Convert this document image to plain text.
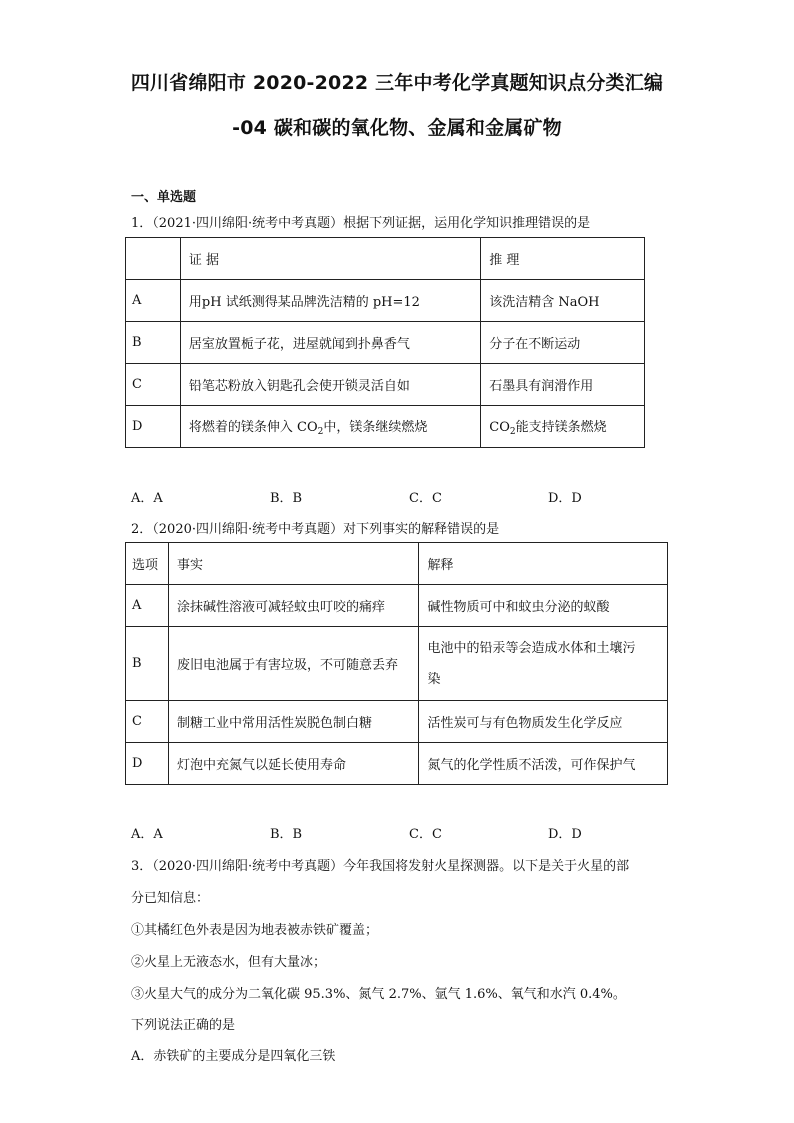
四川省绵阳市 2020-2022 三年中考化学真题知识点分类汇编
-04 碳和碳的氧化物、金属和金属矿物
一、单选题
1．（2021·四川绵阳·统考中考真题）根据下列证据，运用化学知识推理错误的是
	证 据	推 理
A	用pH 试纸测得某品牌洗洁精的 pH=12	该洗洁精含 NaOH
B	居室放置栀子花，进屋就闻到扑鼻香气	分子在不断运动
C	铅笔芯粉放入钥匙孔会使开锁灵活自如	石墨具有润滑作用
D	将燃着的镁条伸入 $CO_2$中，镁条继续燃烧	$CO_2$能支持镁条燃烧
A．A	B．B	C．C	D．D
2．（2020·四川绵阳·统考中考真题）对下列事实的解释错误的是
选项	事实	解释
A	涂抹碱性溶液可减轻蚊虫叮咬的痛痒	碱性物质可中和蚊虫分泌的蚁酸
B	废旧电池属于有害垃圾，不可随意丢弃	电池中的铅汞等会造成水体和土壤污
染

C	制糖工业中常用活性炭脱色制白糖	活性炭可与有色物质发生化学反应
D	灯泡中充氮气以延长使用寿命	氮气的化学性质不活泼，可作保护气
A．A	B．B	C．C	D．D
3．（2020·四川绵阳·统考中考真题）今年我国将发射火星探测器。以下是关于火星的部
分已知信息：
①其橘红色外表是因为地表被赤铁矿覆盖；
②火星上无液态水，但有大量冰；
③火星大气的成分为二氧化碳 95.3%、氮气 2.7%、氩气 1.6%、氧气和水汽 0.4%。
下列说法正确的是
A．赤铁矿的主要成分是四氧化三铁
